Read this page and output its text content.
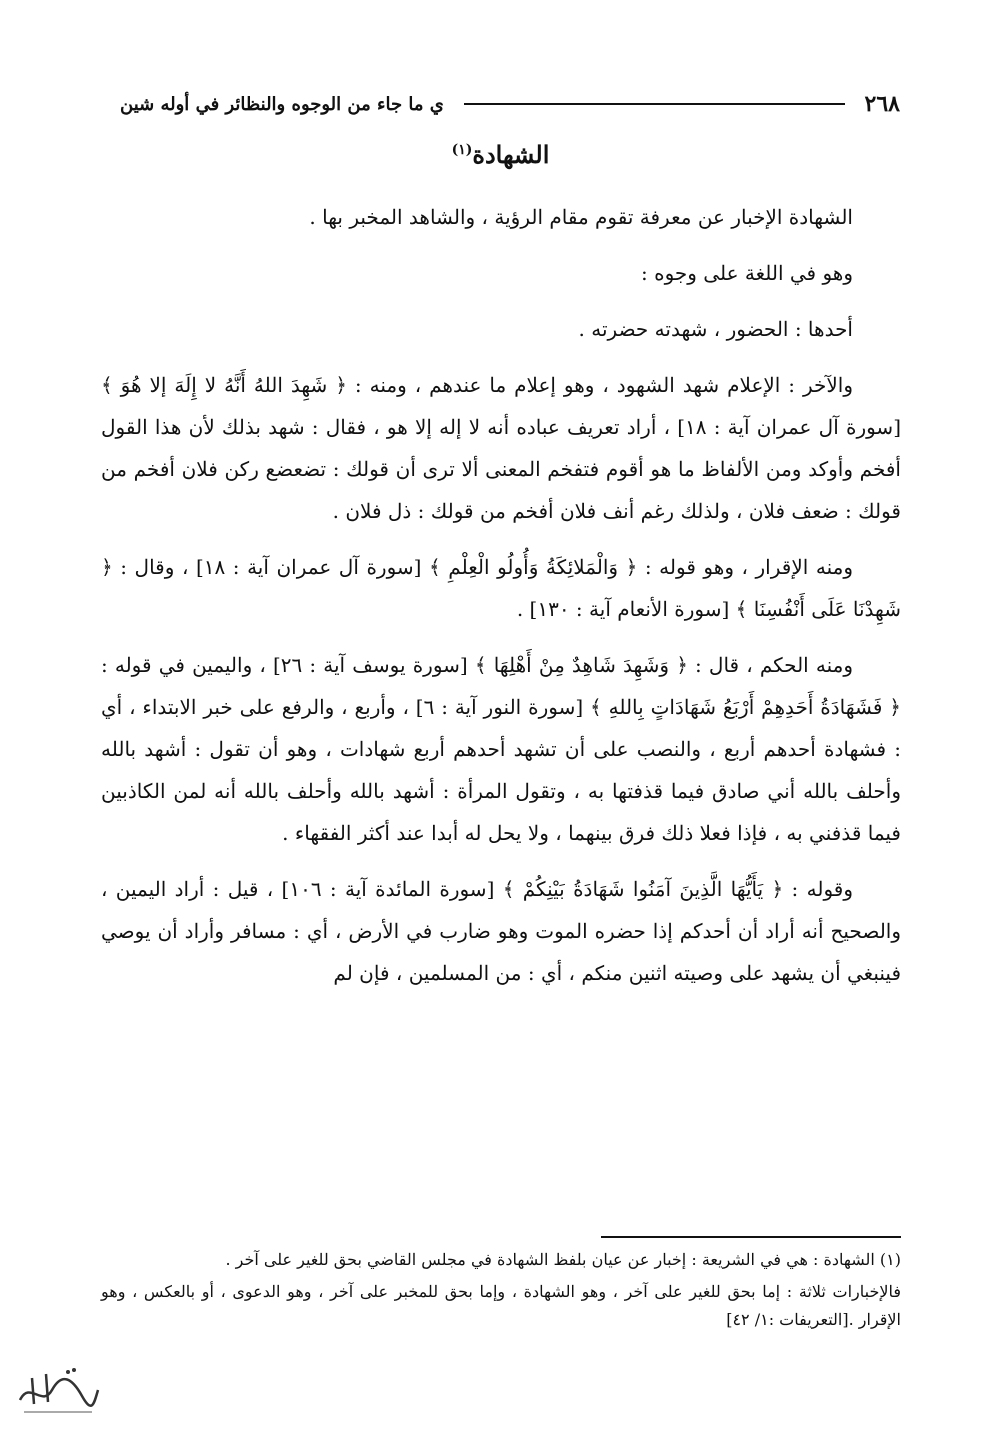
٢٦٨
ي ما جاء من الوجوه والنظائر في أوله شين
الشهادة$^{(١)}$

الشهادة الإخبار عن معرفة تقوم مقام الرؤية ، والشاهد المخبر بها .

وهو في اللغة على وجوه :

أحدها : الحضور ، شهدته حضرته .

والآخر : الإعلام شهد الشهود ، وهو إعلام ما عندهم ، ومنه : ﴿ شَهِدَ اللهُ أَنَّهُ لا إِلَهَ إلا هُوَ ﴾ [سورة آل عمران آية : ١٨] ، أراد تعريف عباده أنه لا إله إلا هو ، فقال : شهد بذلك لأن هذا القول أفخم وأوكد ومن الألفاظ ما هو أقوم فتفخم المعنى ألا ترى أن قولك : تضعضع ركن فلان أفخم من قولك : ضعف فلان ، ولذلك رغم أنف فلان أفخم من قولك : ذل فلان .

ومنه الإقرار ، وهو قوله : ﴿ وَالْمَلائِكَةُ وَأُولُو الْعِلْمِ ﴾ [سورة آل عمران آية : ١٨] ، وقال : ﴿ شَهِدْنَا عَلَى أَنْفُسِنَا ﴾ [سورة الأنعام آية : ١٣٠] .

ومنه الحكم ، قال : ﴿ وَشَهِدَ شَاهِدٌ مِنْ أَهْلِهَا ﴾ [سورة يوسف آية : ٢٦] ، واليمين في قوله : ﴿ فَشَهَادَةُ أَحَدِهِمْ أَرْبَعُ شَهَادَاتٍ بِاللهِ ﴾ [سورة النور آية : ٦] ، وأربع ، والرفع على خبر الابتداء ، أي : فشهادة أحدهم أربع ، والنصب على أن تشهد أحدهم أربع شهادات ، وهو أن تقول : أشهد بالله وأحلف بالله أني صادق فيما قذفتها به ، وتقول المرأة : أشهد بالله وأحلف بالله أنه لمن الكاذبين فيما قذفني به ، فإذا فعلا ذلك فرق بينهما ، ولا يحل له أبدا عند أكثر الفقهاء .

وقوله : ﴿ يَأَيُّهَا الَّذِينَ آمَنُوا شَهَادَةُ بَيْنِكُمْ ﴾ [سورة المائدة آية : ١٠٦] ، قيل : أراد اليمين ، والصحيح أنه أراد أن أحدكم إذا حضره الموت وهو ضارب في الأرض ، أي : مسافر وأراد أن يوصي فينبغي أن يشهد على وصيته اثنين منكم ، أي : من المسلمين ، فإن لم

(١) الشهادة : هي في الشريعة : إخبار عن عيان بلفظ الشهادة في مجلس القاضي بحق للغير على آخر .

فالإخبارات ثلاثة : إما بحق للغير على آخر ، وهو الشهادة ، وإما بحق للمخبر على آخر ، وهو الدعوى ، أو بالعكس ، وهو الإقرار .[التعريفات :١/ ٤٢]
